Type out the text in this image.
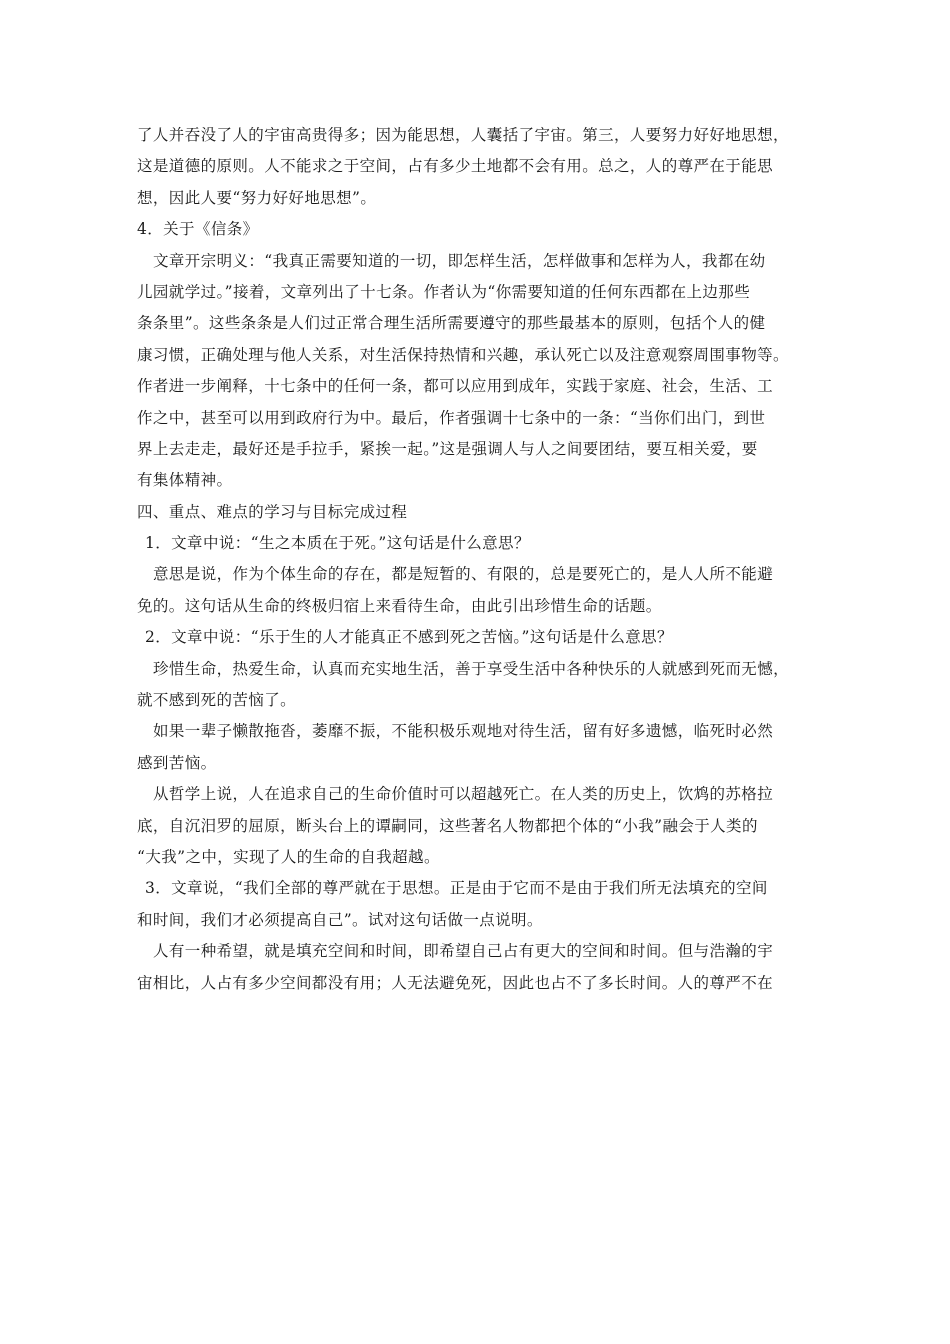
了人并吞没了人的宇宙高贵得多；因为能思想，人囊括了宇宙。第三，人要努力好好地思想，
这是道德的原则。人不能求之于空间，占有多少土地都不会有用。总之，人的尊严在于能思
想，因此人要“努力好好地思想”。
4．关于《信条》
文章开宗明义：“我真正需要知道的一切，即怎样生活，怎样做事和怎样为人，我都在幼
儿园就学过。”接着，文章列出了十七条。作者认为“你需要知道的任何东西都在上边那些
条条里”。这些条条是人们过正常合理生活所需要遵守的那些最基本的原则，包括个人的健
康习惯，正确处理与他人关系，对生活保持热情和兴趣，承认死亡以及注意观察周围事物等。
作者进一步阐释，十七条中的任何一条，都可以应用到成年，实践于家庭、社会，生活、工
作之中，甚至可以用到政府行为中。最后，作者强调十七条中的一条：“当你们出门，到世
界上去走走，最好还是手拉手，紧挨一起。”这是强调人与人之间要团结，要互相关爱，要
有集体精神。
四、重点、难点的学习与目标完成过程
1．文章中说：“生之本质在于死。”这句话是什么意思？
意思是说，作为个体生命的存在，都是短暂的、有限的，总是要死亡的，是人人所不能避
免的。这句话从生命的终极归宿上来看待生命，由此引出珍惜生命的话题。
2．文章中说：“乐于生的人才能真正不感到死之苦恼。”这句话是什么意思？
珍惜生命，热爱生命，认真而充实地生活，善于享受生活中各种快乐的人就感到死而无憾，
就不感到死的苦恼了。
如果一辈子懒散拖沓，萎靡不振，不能积极乐观地对待生活，留有好多遗憾，临死时必然
感到苦恼。
从哲学上说，人在追求自己的生命价值时可以超越死亡。在人类的历史上，饮鸩的苏格拉
底，自沉汨罗的屈原，断头台上的谭嗣同，这些著名人物都把个体的“小我”融会于人类的
“大我”之中，实现了人的生命的自我超越。
3．文章说，“我们全部的尊严就在于思想。正是由于它而不是由于我们所无法填充的空间
和时间，我们才必须提高自己”。试对这句话做一点说明。
人有一种希望，就是填充空间和时间，即希望自己占有更大的空间和时间。但与浩瀚的宇
宙相比，人占有多少空间都没有用；人无法避免死，因此也占不了多长时间。人的尊严不在
